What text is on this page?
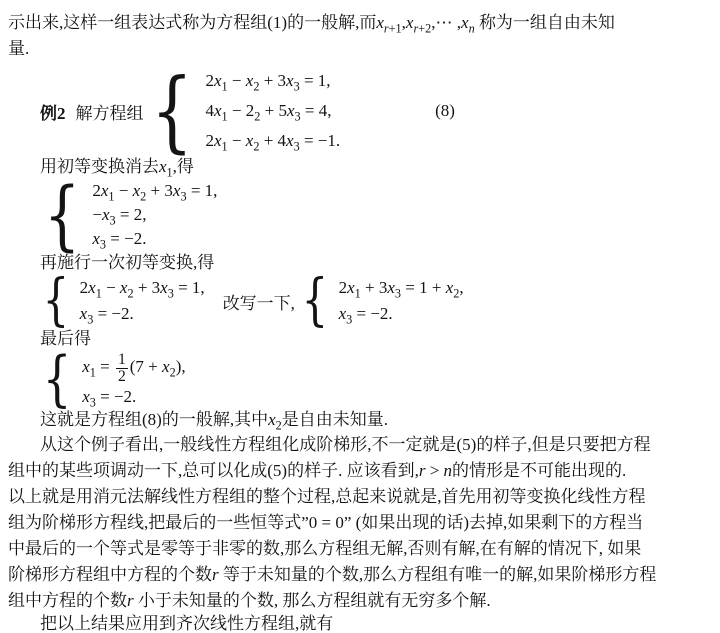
示出来,这样一组表达式称为方程组(1)的一般解,而$x_{r+1},x_{r+2},\cdots$ $,x_n$ 称为一组自由未知
量.
例2 解方程组 { $2x_1 - x_2 + 3x_3 = 1$,
$4x_1 - 2_2 + 5x_3 = 4$,
$2x_1 - x_2 + 4x_3 = -1$.
(8)
用初等变换消去$x_1$,得
{ $2x_1 - x_2 + 3x_3 = 1$,
$-x_3 = 2$,
$x_3 = -2$.
再施行一次初等变换,得
{ $2x_1 - x_2 + 3x_3 = 1$,
$x_3 = -2$.
改写一下, { $2x_1 + 3x_3 = 1 + x_2$,
$x_3 = -2$.
最后得
{ $x_1 = \frac{1}{2} (7 + x_2)$,
$x_3 = -2$.
这就是方程组(8)的一般解,其中$x_2$是自由未知量.
从这个例子看出,一般线性方程组化成阶梯形,不一定就是(5)的样子,但是只要把方程
组中的某些项调动一下,总可以化成(5)的样子. 应该看到,r > n的情形是不可能出现的.
以上就是用消元法解线性方程组的整个过程,总起来说就是,首先用初等变换化线性方程
组为阶梯形方程线,把最后的一些恒等式”0 = 0” (如果出现的话)去掉,如果剩下的方程当
中最后的一个等式是零等于非零的数,那么方程组无解,否则有解,在有解的情况下, 如果
阶梯形方程组中方程的个数r 等于未知量的个数,那么方程组有唯一的解,如果阶梯形方程
组中方程的个数r 小于未知量的个数, 那么方程组就有无穷多个解.
把以上结果应用到齐次线性方程组,就有
